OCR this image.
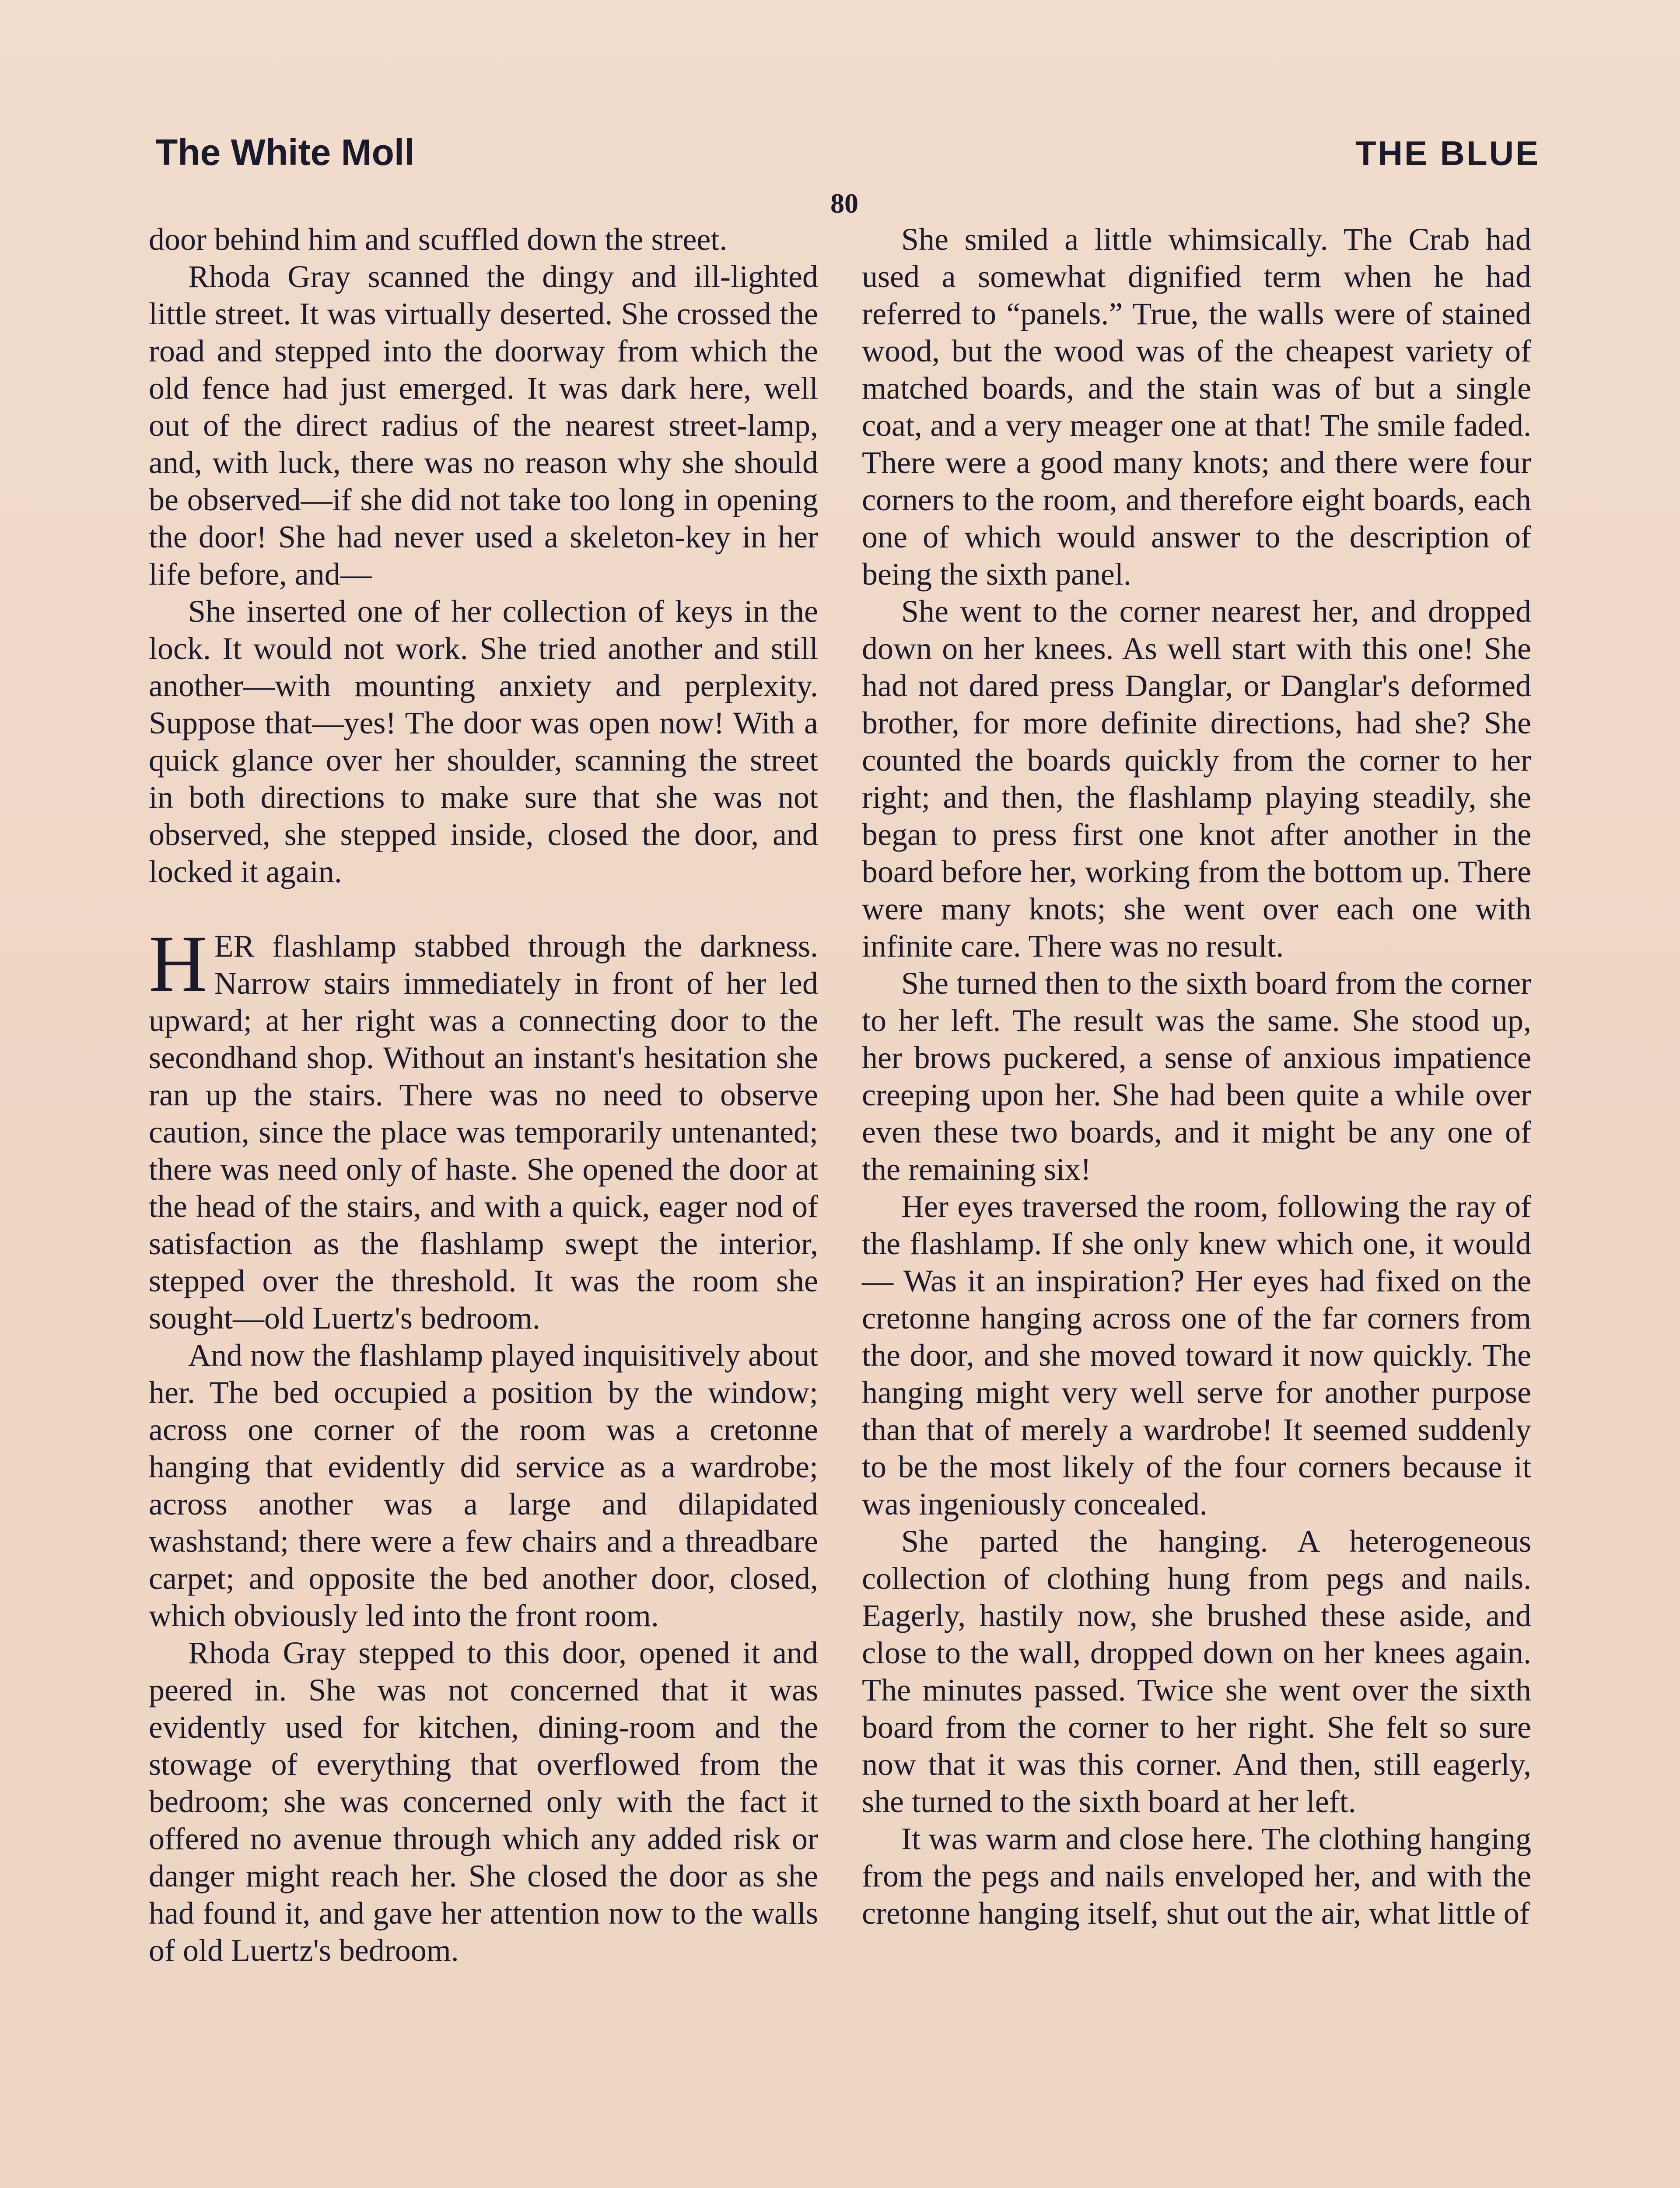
The White Moll	THE BLUE
80

door behind him and scuffled down the street.

Rhoda Gray scanned the dingy and ill-lighted little street. It was virtually deserted. She crossed the road and stepped into the doorway from which the old fence had just emerged. It was dark here, well out of the direct radius of the nearest street-lamp, and, with luck, there was no reason why she should be observed—if she did not take too long in opening the door! She had never used a skeleton-key in her life before, and—

She inserted one of her collection of keys in the lock. It would not work. She tried another and still another—with mounting anxiety and perplexity. Suppose that—yes! The door was open now! With a quick glance over her shoulder, scanning the street in both directions to make sure that she was not observed, she stepped inside, closed the door, and locked it again.

HER flashlamp stabbed through the darkness. Narrow stairs immediately in front of her led upward; at her right was a connecting door to the secondhand shop. Without an instant's hesitation she ran up the stairs. There was no need to observe caution, since the place was temporarily untenanted; there was need only of haste. She opened the door at the head of the stairs, and with a quick, eager nod of satisfaction as the flashlamp swept the interior, stepped over the threshold. It was the room she sought—old Luertz's bedroom.

And now the flashlamp played inquisitively about her. The bed occupied a position by the window; across one corner of the room was a cretonne hanging that evidently did service as a wardrobe; across another was a large and dilapidated washstand; there were a few chairs and a threadbare carpet; and opposite the bed another door, closed, which obviously led into the front room.

Rhoda Gray stepped to this door, opened it and peered in. She was not concerned that it was evidently used for kitchen, dining-room and the stowage of everything that overflowed from the bedroom; she was concerned only with the fact it offered no avenue through which any added risk or danger might reach her. She closed the door as she had found it, and gave her attention now to the walls of old Luertz's bedroom.

She smiled a little whimsically. The Crab had used a somewhat dignified term when he had referred to “panels.” True, the walls were of stained wood, but the wood was of the cheapest variety of matched boards, and the stain was of but a single coat, and a very meager one at that! The smile faded. There were a good many knots; and there were four corners to the room, and therefore eight boards, each one of which would answer to the description of being the sixth panel.

She went to the corner nearest her, and dropped down on her knees. As well start with this one! She had not dared press Danglar, or Danglar's deformed brother, for more definite directions, had she? She counted the boards quickly from the corner to her right; and then, the flashlamp playing steadily, she began to press first one knot after another in the board before her, working from the bottom up. There were many knots; she went over each one with infinite care. There was no result.

She turned then to the sixth board from the corner to her left. The result was the same. She stood up, her brows puckered, a sense of anxious impatience creeping upon her. She had been quite a while over even these two boards, and it might be any one of the remaining six!

Her eyes traversed the room, following the ray of the flashlamp. If she only knew which one, it would— Was it an inspiration? Her eyes had fixed on the cretonne hanging across one of the far corners from the door, and she moved toward it now quickly. The hanging might very well serve for another purpose than that of merely a wardrobe! It seemed suddenly to be the most likely of the four corners because it was ingeniously concealed.

She parted the hanging. A heterogeneous collection of clothing hung from pegs and nails. Eagerly, hastily now, she brushed these aside, and close to the wall, dropped down on her knees again. The minutes passed. Twice she went over the sixth board from the corner to her right. She felt so sure now that it was this corner. And then, still eagerly, she turned to the sixth board at her left.

It was warm and close here. The clothing hanging from the pegs and nails enveloped her, and with the cretonne hanging itself, shut out the air, what little of
